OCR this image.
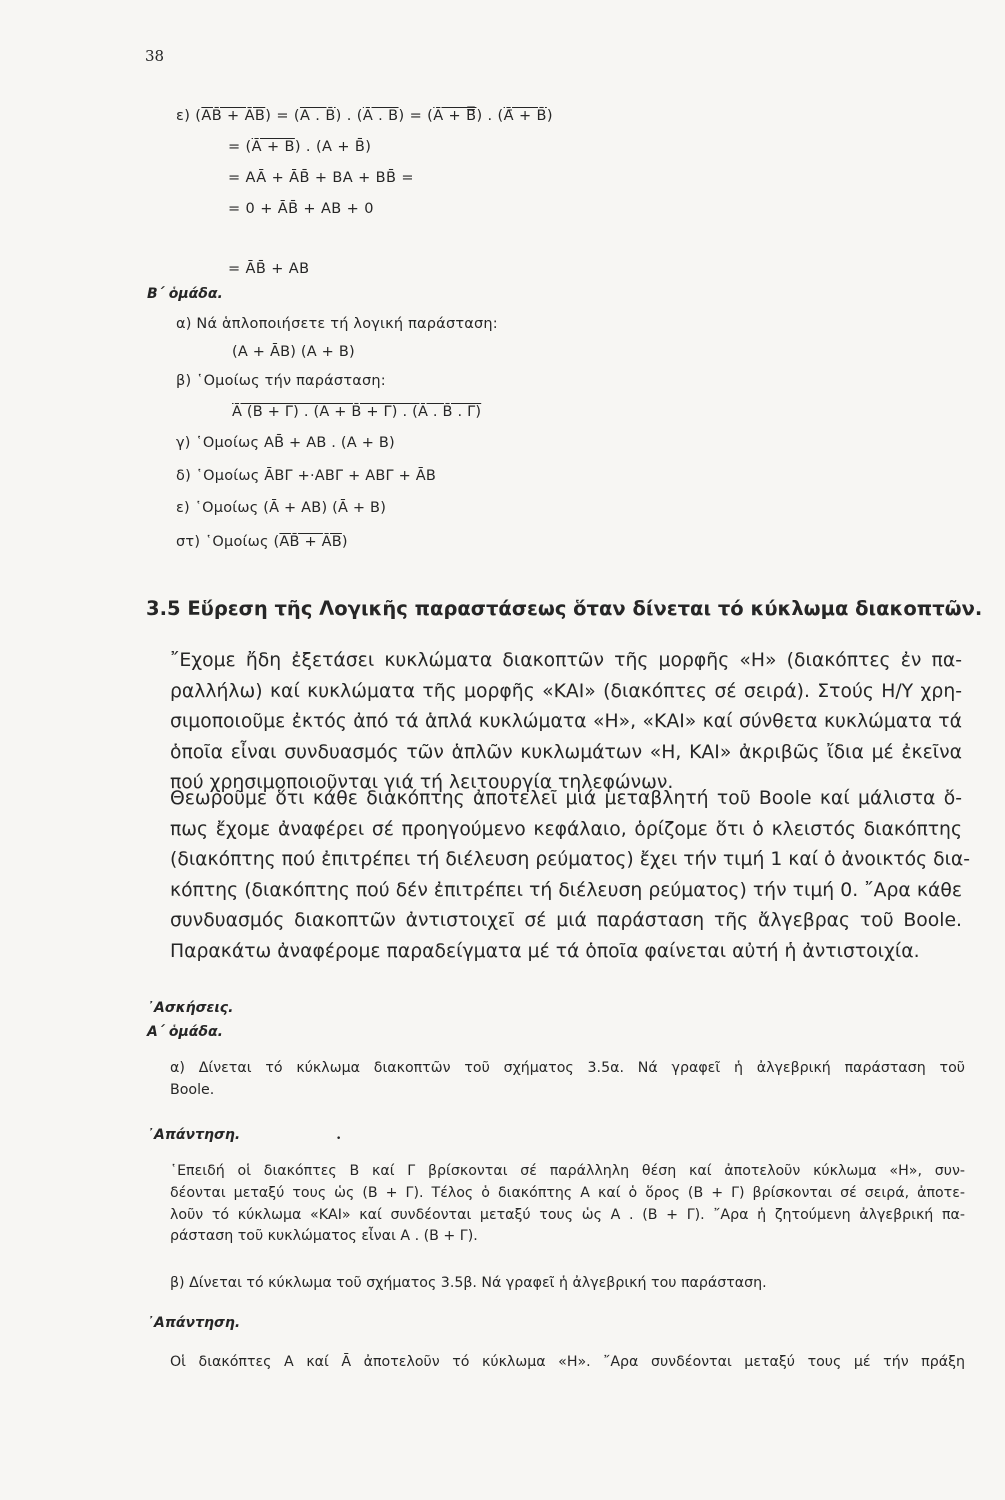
38
ε) (AB̄ + ĀB) = (A . B̄) . (Ā . B) = (Ā + B̿) . (Ā̄ + B̄)
= (Ā + B) . (A + B̄)
= AĀ + ĀB̄ + BA + BB̄ =
= 0 + ĀB̄ + AB + 0
= ĀB̄ + AB
Β΄ ὁμάδα.
α) Νά ἁπλοποιήσετε τή λογική παράσταση:
(A + ĀB) (A + B)
β) ῾Ομοίως τήν παράσταση:
Ā (B + Γ) . (A + B̄ + Γ) . (Ā . B̄ . Γ̄)
γ) ῾Ομοίως AB̄ + AB . (A + B)
δ) ῾Ομοίως ĀBΓ +·ABΓ̄ + ABΓ + ĀB
ε) ῾Ομοίως (Ā + AB) (Ā + B)
στ) ῾Ομοίως (AB̄ + ĀB)
3.5 Εὕρεση τῆς Λογικῆς παραστάσεως ὅταν δίνεται τό κύκλωμα διακοπτῶν.
῎Εχομε ἤδη ἐξετάσει κυκλώματα διακοπτῶν τῆς μορφῆς «Η» (διακόπτες ἐν πα-
ραλλήλω) καί κυκλώματα τῆς μορφῆς «ΚΑΙ» (διακόπτες σέ σειρά). Στούς Η/Υ χρη-
σιμοποιοῦμε ἐκτός ἀπό τά ἁπλά κυκλώματα «Η», «ΚΑΙ» καί σύνθετα κυκλώματα τά
ὁποῖα εἶναι συνδυασμός τῶν ἁπλῶν κυκλωμάτων «Η, ΚΑΙ» ἀκριβῶς ἴδια μέ ἐκεῖνα
πού χρησιμοποιοῦνται γιά τή λειτουργία τηλεφώνων.
Θεωροῦμε ὅτι κάθε διακόπτης ἀποτελεῖ μιά μεταβλητή τοῦ Boole καί μάλιστα ὅ-
πως ἔχομε ἀναφέρει σέ προηγούμενο κεφάλαιο, ὁρίζομε ὅτι ὁ κλειστός διακόπτης
(διακόπτης πού ἐπιτρέπει τή διέλευση ρεύματος) ἔχει τήν τιμή 1 καί ὁ ἀνοικτός δια-
κόπτης (διακόπτης πού δέν ἐπιτρέπει τή διέλευση ρεύματος) τήν τιμή 0. ῎Αρα κάθε
συνδυασμός διακοπτῶν ἀντιστοιχεῖ σέ μιά παράσταση τῆς ἄλγεβρας τοῦ Boole.
Παρακάτω ἀναφέρομε παραδείγματα μέ τά ὁποῖα φαίνεται αὐτή ἡ ἀντιστοιχία.
᾽Ασκήσεις.
Α΄ ὁμάδα.
α) Δίνεται τό κύκλωμα διακοπτῶν τοῦ σχήματος 3.5α. Νά γραφεῖ ἡ ἀλγεβρική παράσταση τοῦ
Boole.
᾽Απάντηση.	•
῾Επειδή οἱ διακόπτες Β καί Γ βρίσκονται σέ παράλληλη θέση καί ἀποτελοῦν κύκλωμα «Η», συν-
δέονται μεταξύ τους ὡς (Β + Γ). Τέλος ὁ διακόπτης Α καί ὁ ὅρος (Β + Γ) βρίσκονται σέ σειρά, ἀποτε-
λοῦν τό κύκλωμα «ΚΑΙ» καί συνδέονται μεταξύ τους ὡς Α . (Β + Γ). ῎Αρα ἡ ζητούμενη ἀλγεβρική πα-
ράσταση τοῦ κυκλώματος εἶναι Α . (Β + Γ).
β) Δίνεται τό κύκλωμα τοῦ σχήματος 3.5β. Νά γραφεῖ ἡ ἀλγεβρική του παράσταση.
᾽Απάντηση.
Οἱ διακόπτες Α καί Ā ἀποτελοῦν τό κύκλωμα «Η». ῎Αρα συνδέονται μεταξύ τους μέ τήν πράξη
